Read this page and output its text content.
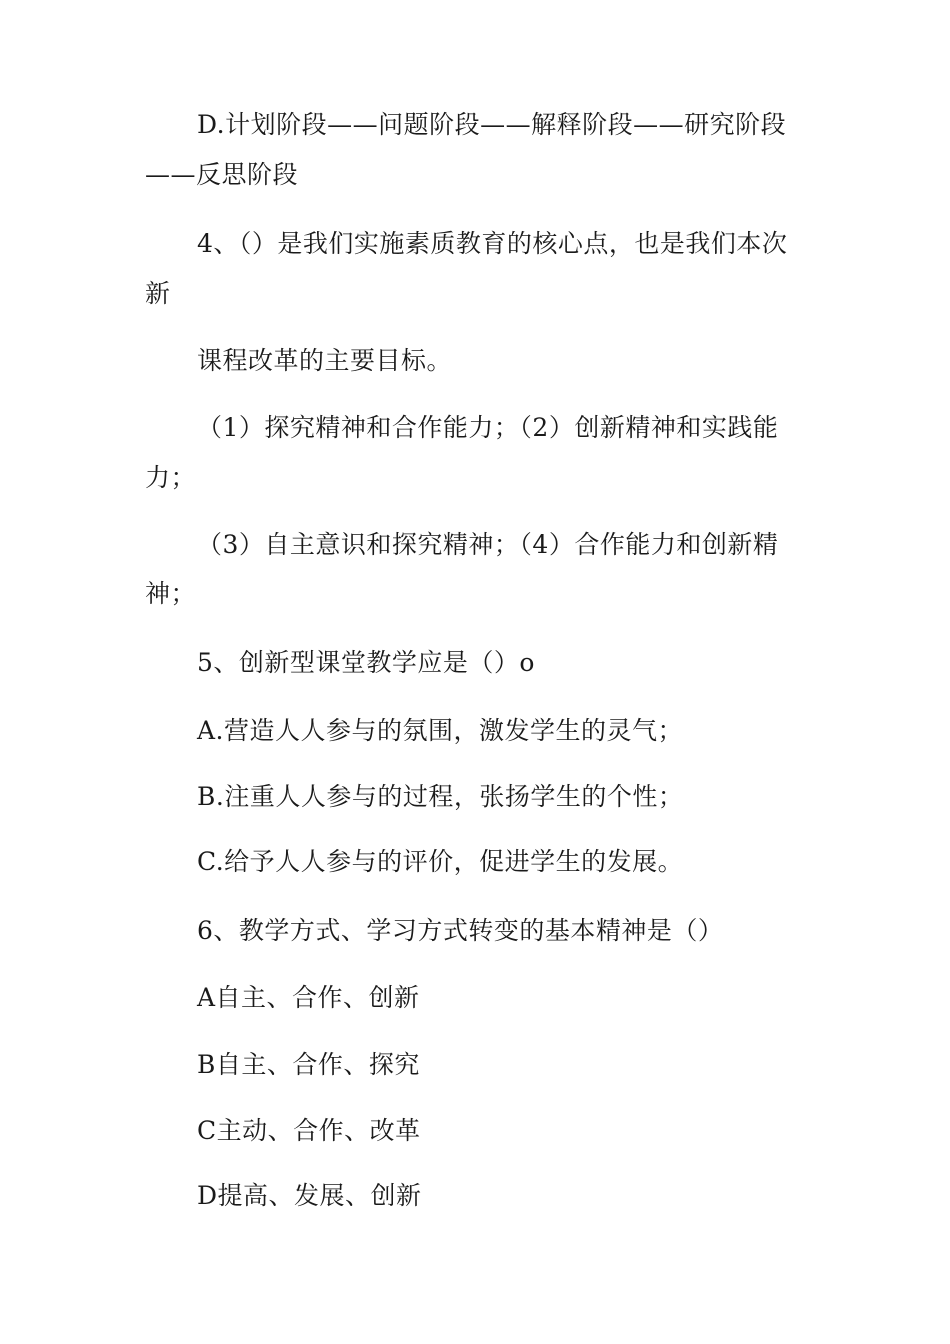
D.计划阶段——问题阶段——解释阶段——研究阶段

——反思阶段

4、（）是我们实施素质教育的核心点，也是我们本次

新

课程改革的主要目标。

（1）探究精神和合作能力；（2）创新精神和实践能

力；

（3）自主意识和探究精神；（4）合作能力和创新精

神；

5、创新型课堂教学应是（）o

A.营造人人参与的氛围，激发学生的灵气；

B.注重人人参与的过程，张扬学生的个性；

C.给予人人参与的评价，促进学生的发展。

6、教学方式、学习方式转变的基本精神是（）

A自主、合作、创新

B自主、合作、探究

C主动、合作、改革

D提高、发展、创新
